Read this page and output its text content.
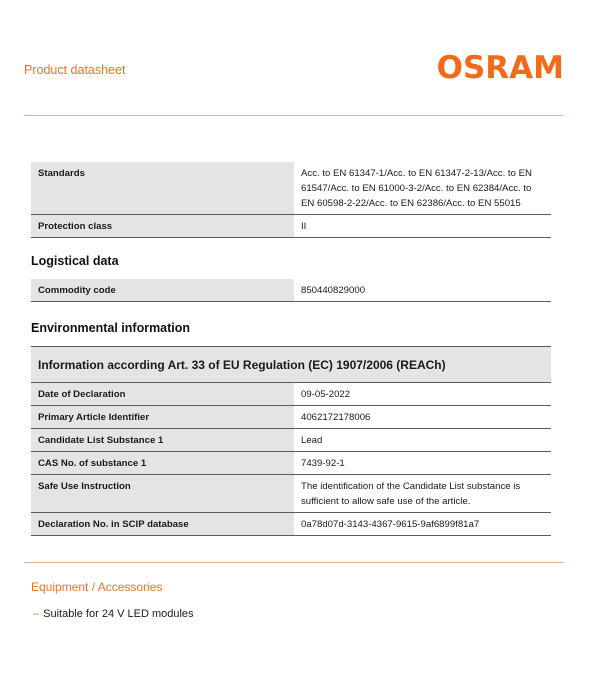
Product datasheet	OSRAM
Standards	Acc. to EN 61347-1/Acc. to EN 61347-2-13/Acc. to EN 61547/Acc. to EN 61000-3-2/Acc. to EN 62384/Acc. to EN 60598-2-22/Acc. to EN 62386/Acc. to EN 55015
Protection class	II
Logistical data
Commodity code	850440829000
Environmental information
Information according Art. 33 of EU Regulation (EC) 1907/2006 (REACh)	
Date of Declaration	09-05-2022
Primary Article Identifier	4062172178006
Candidate List Substance 1	Lead
CAS No. of substance 1	7439-92-1
Safe Use Instruction	The identification of the Candidate List substance is sufficient to allow safe use of the article.
Declaration No. in SCIP database	0a78d07d-3143-4367-9615-9af6899f81a7
Equipment / Accessories
– Suitable for 24 V LED modules
